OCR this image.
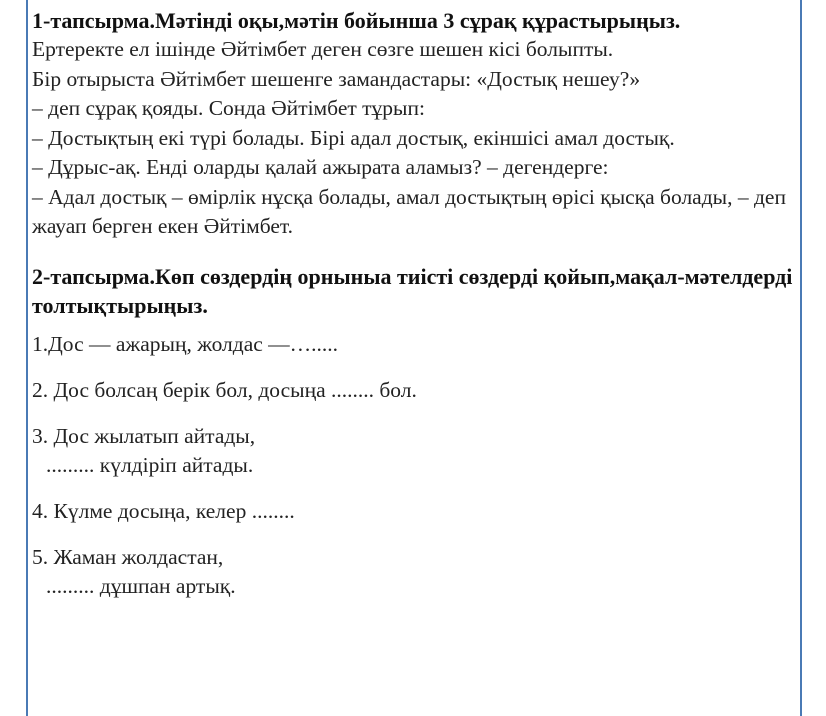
1-тапсырма.Мәтінді оқы,мәтін бойынша 3 сұрақ құрастырыңыз.

Ертеректе ел ішінде Әйтімбет деген сөзге шешен кісі болыпты.

Бір отырыста Әйтімбет шешенге замандастары: «Достық нешеу?»

– деп сұрақ қояды. Сонда Әйтімбет тұрып:

– Достықтың екі түрі болады. Бірі адал достық, екіншісі амал достық.

– Дұрыс-ақ. Енді оларды қалай ажырата аламыз? – дегендерге:

– Адал достық – өмірлік нұсқа болады, амал достықтың өрісі қысқа болады, – деп жауап берген екен Әйтімбет.

2-тапсырма.Көп сөздердің орныныа тиісті сөздерді қойып,мақал-мәтелдерді толтықтырыңыз.

1.Дос — ажарың, жолдас —….....

2. Дос болсаң берік бол, досыңа ........ бол.

3. Дос жылатып айтады,
......... күлдіріп айтады.

4. Күлме досыңа, келер ........

5. Жаман жолдастан,
......... дұшпан артық.
